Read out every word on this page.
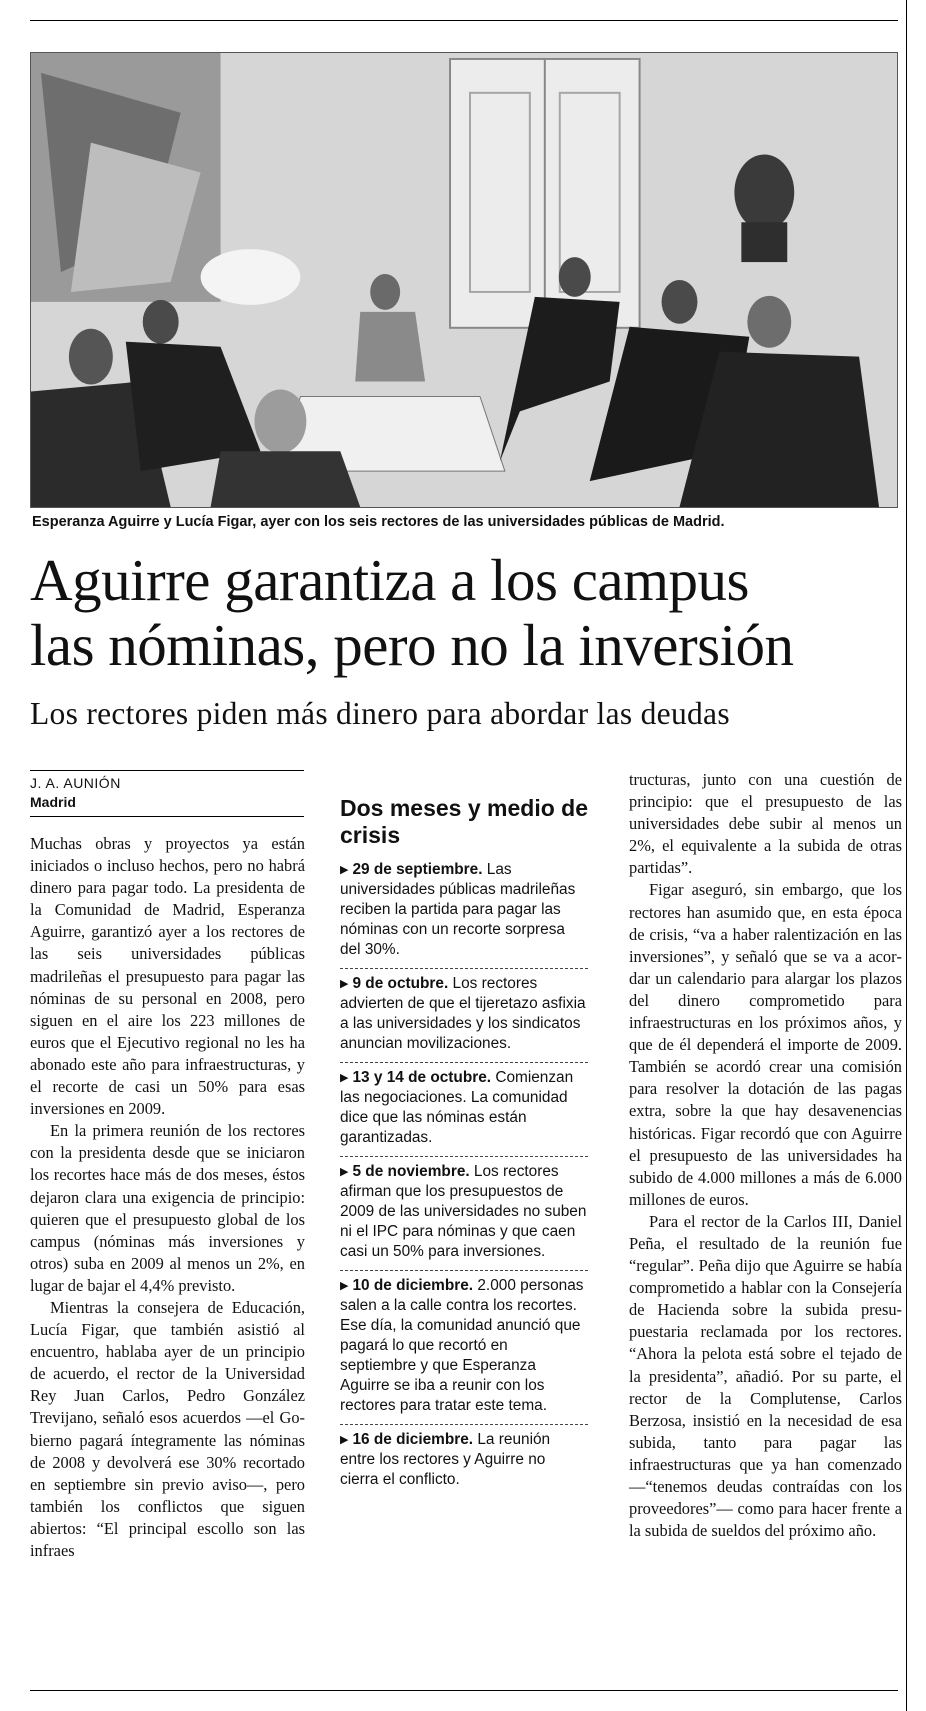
Esperanza Aguirre y Lucía Figar, ayer con los seis rectores de las universidades públicas de Madrid.
Aguirre garantiza a los campus
las nóminas, pero no la inversión
Los rectores piden más dinero para abordar las deudas
J. A. AUNIÓN
Madrid

Muchas obras y proyectos ya están iniciados o incluso hechos, pero no habrá dinero para pagar todo. La presidenta de la Comunidad de Madrid, Esperanza Aguirre, garantizó ayer a los rectores de las seis universidades públicas madrileñas el presupuesto para pagar las nóminas de su personal en 2008, pero siguen en el aire los 223 millones de euros que el Ejecutivo regional no les ha abonado este año para infraestructuras, y el recorte de casi un 50% para esas inversiones en 2009.

En la primera reunión de los rectores con la presidenta desde que se iniciaron los recortes hace más de dos meses, éstos dejaron clara una exigencia de principio: quieren que el presupuesto global de los campus (nóminas más inversiones y otros) suba en 2009 al menos un 2%, en lugar de bajar el 4,4% previsto.

Mientras la consejera de Educación, Lucía Figar, que también asistió al encuentro, hablaba ayer de un principio de acuerdo, el rector de la Universidad Rey Juan Carlos, Pedro González Trevijano, señaló esos acuerdos —el Gobierno pagará íntegramente las nóminas de 2008 y devolverá ese 30% recortado en septiembre sin previo aviso—, pero también los conflictos que siguen abiertos: “El principal escollo son las infraes

Dos meses y medio de crisis
▶ 29 de septiembre. Las universidades públicas madrileñas reciben la partida para pagar las nóminas con un recorte sorpresa del 30%.
▶ 9 de octubre. Los rectores advierten de que el tijeretazo asfixia a las universidades y los sindicatos anuncian movilizaciones.
▶ 13 y 14 de octubre. Comienzan las negociaciones. La comunidad dice que las nóminas están garantizadas.
▶ 5 de noviembre. Los rectores afirman que los presupuestos de 2009 de las universidades no suben ni el IPC para nóminas y que caen casi un 50% para inversiones.
▶ 10 de diciembre. 2.000 personas salen a la calle contra los recortes. Ese día, la comunidad anunció que pagará lo que recortó en septiembre y que Esperanza Aguirre se iba a reunir con los rectores para tratar este tema.
▶ 16 de diciembre. La reunión entre los rectores y Aguirre no cierra el conflicto.

tructuras, junto con una cuestión de principio: que el presupuesto de las universidades debe subir al menos un 2%, el equivalente a la subida de otras partidas”.

Figar aseguró, sin embargo, que los rectores han asumido que, en esta época de crisis, “va a haber ralentización en las inversiones”, y señaló que se va a acordar un calendario para alargar los plazos del dinero comprometido para infraestructuras en los próximos años, y que de él dependerá el importe de 2009. También se acordó crear una comisión para resolver la dotación de las pagas extra, sobre la que hay desavenencias históricas. Figar recordó que con Aguirre el presupuesto de las universidades ha subido de 4.000 millones a más de 6.000 millones de euros.

Para el rector de la Carlos III, Daniel Peña, el resultado de la reunión fue “regular”. Peña dijo que Aguirre se había comprometido a hablar con la Consejería de Hacienda sobre la subida presupuestaria reclamada por los rectores. “Ahora la pelota está sobre el tejado de la presidenta”, añadió. Por su parte, el rector de la Complutense, Carlos Berzosa, insistió en la necesidad de esa subida, tanto para pagar las infraestructuras que ya han comenzado —“tenemos deudas contraídas con los proveedores”— como para hacer frente a la subida de sueldos del próximo año.
